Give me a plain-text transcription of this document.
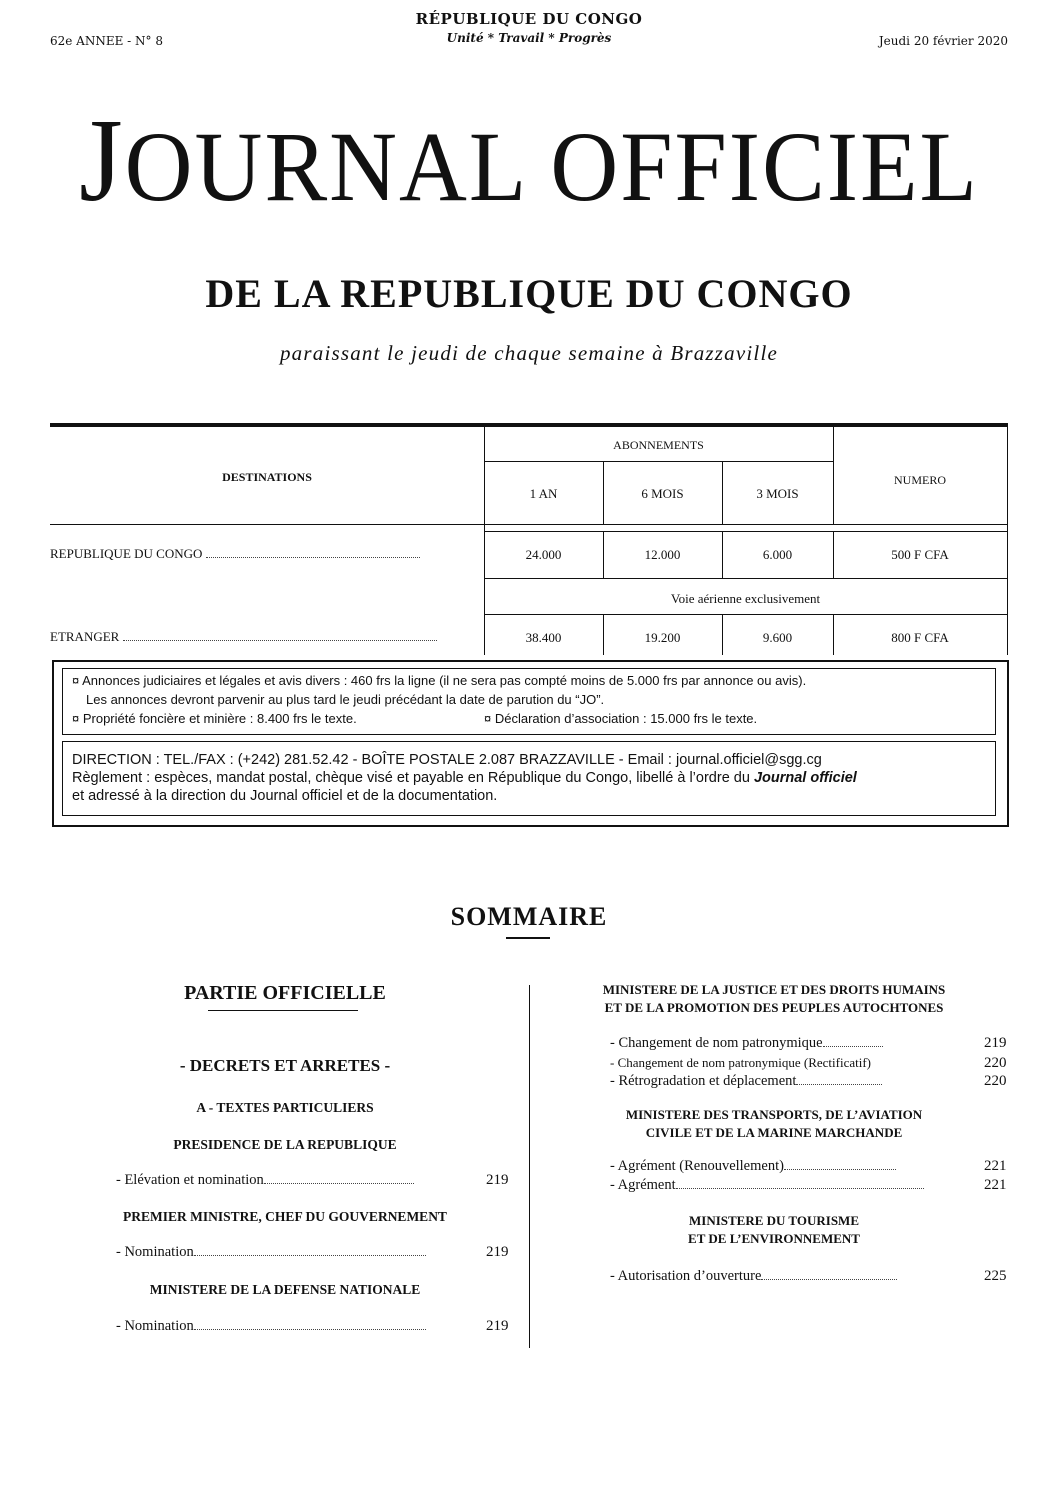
RÉPUBLIQUE DU CONGO
Unité * Travail * Progrès
62e ANNEE - N° 8	Jeudi 20 février 2020
JOURNAL OFFICIEL
DE LA REPUBLIQUE DU CONGO
paraissant le jeudi de chaque semaine à Brazzaville
DESTINATIONS
ABONNEMENTS
1 AN	6 MOIS	3 MOIS
NUMERO
REPUBLIQUE DU CONGO	24.000	12.000	6.000	500 F CFA
Voie aérienne exclusivement
ETRANGER	38.400	19.200	9.600	800 F CFA
¤ Annonces judiciaires et légales et avis divers : 460 frs la ligne (il ne sera pas compté moins de 5.000 frs par annonce ou avis).
Les annonces devront parvenir au plus tard le jeudi précédant la date de parution du “JO”.
¤ Propriété foncière et minière : 8.400 frs le texte.	¤ Déclaration d’association : 15.000 frs le texte.
DIRECTION : TEL./FAX : (+242) 281.52.42 - BOÎTE POSTALE 2.087 BRAZZAVILLE - Email : journal.officiel@sgg.cg
Règlement : espèces, mandat postal, chèque visé et payable en République du Congo, libellé à l’ordre du Journal officiel
et adressé à la direction du Journal officiel et de la documentation.
SOMMAIRE
PARTIE OFFICIELLE
- DECRETS ET ARRETES -
A - TEXTES PARTICULIERS
PRESIDENCE DE LA REPUBLIQUE
- Elévation et nomination	219
PREMIER MINISTRE, CHEF DU GOUVERNEMENT
- Nomination	219
MINISTERE DE LA DEFENSE NATIONALE
- Nomination	219
MINISTERE DE LA JUSTICE ET DES DROITS HUMAINS
ET DE LA PROMOTION DES PEUPLES AUTOCHTONES
- Changement de nom patronymique	219
- Changement de nom patronymique (Rectificatif)	220
- Rétrogradation et déplacement	220
MINISTERE DES TRANSPORTS, DE L’AVIATION
CIVILE ET DE LA MARINE MARCHANDE
- Agrément (Renouvellement)	221
- Agrément	221
MINISTERE DU TOURISME
ET DE L’ENVIRONNEMENT
- Autorisation d’ouverture	225
